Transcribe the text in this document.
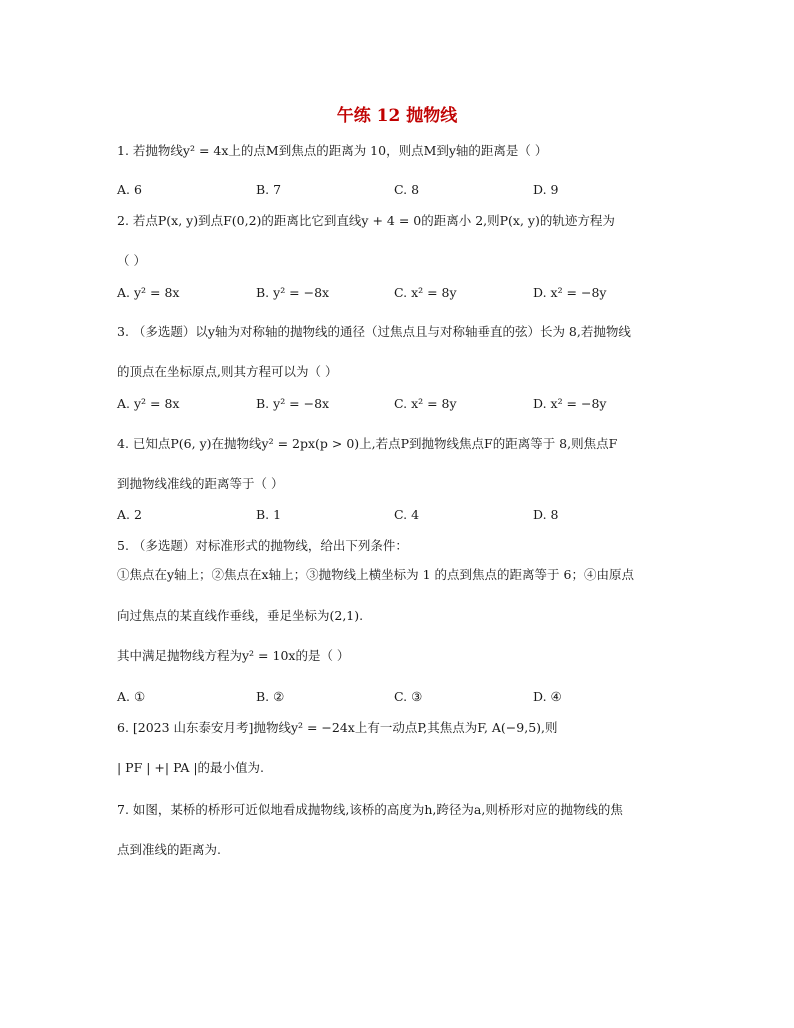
午练 12 抛物线
1. 若抛物线y² = 4x上的点M到焦点的距离为 10，则点M到y轴的距离是（ ）
A. 6	B. 7	C. 8	D. 9
2. 若点P(x, y)到点F(0,2)的距离比它到直线y + 4 = 0的距离小 2,则P(x, y)的轨迹方程为
（ ）
A. y² = 8x	B. y² = −8x	C. x² = 8y	D. x² = −8y
3. （多选题）以y轴为对称轴的抛物线的通径（过焦点且与对称轴垂直的弦）长为 8,若抛物线
的顶点在坐标原点,则其方程可以为（ ）
A. y² = 8x	B. y² = −8x	C. x² = 8y	D. x² = −8y
4. 已知点P(6, y)在抛物线y² = 2px(p > 0)上,若点P到抛物线焦点F的距离等于 8,则焦点F
到抛物线准线的距离等于（ ）
A. 2	B. 1	C. 4	D. 8
5. （多选题）对标准形式的抛物线，给出下列条件：
①焦点在y轴上；②焦点在x轴上；③抛物线上横坐标为 1 的点到焦点的距离等于 6；④由原点
向过焦点的某直线作垂线，垂足坐标为(2,1).
其中满足抛物线方程为y² = 10x的是（ ）
A. ①	B. ②	C. ③	D. ④
6. [2023 山东泰安月考]抛物线y² = −24x上有一动点P,其焦点为F, A(−9,5),则
| PF | +| PA |的最小值为.
7. 如图，某桥的桥形可近似地看成抛物线,该桥的高度为h,跨径为a,则桥形对应的抛物线的焦
点到准线的距离为.
